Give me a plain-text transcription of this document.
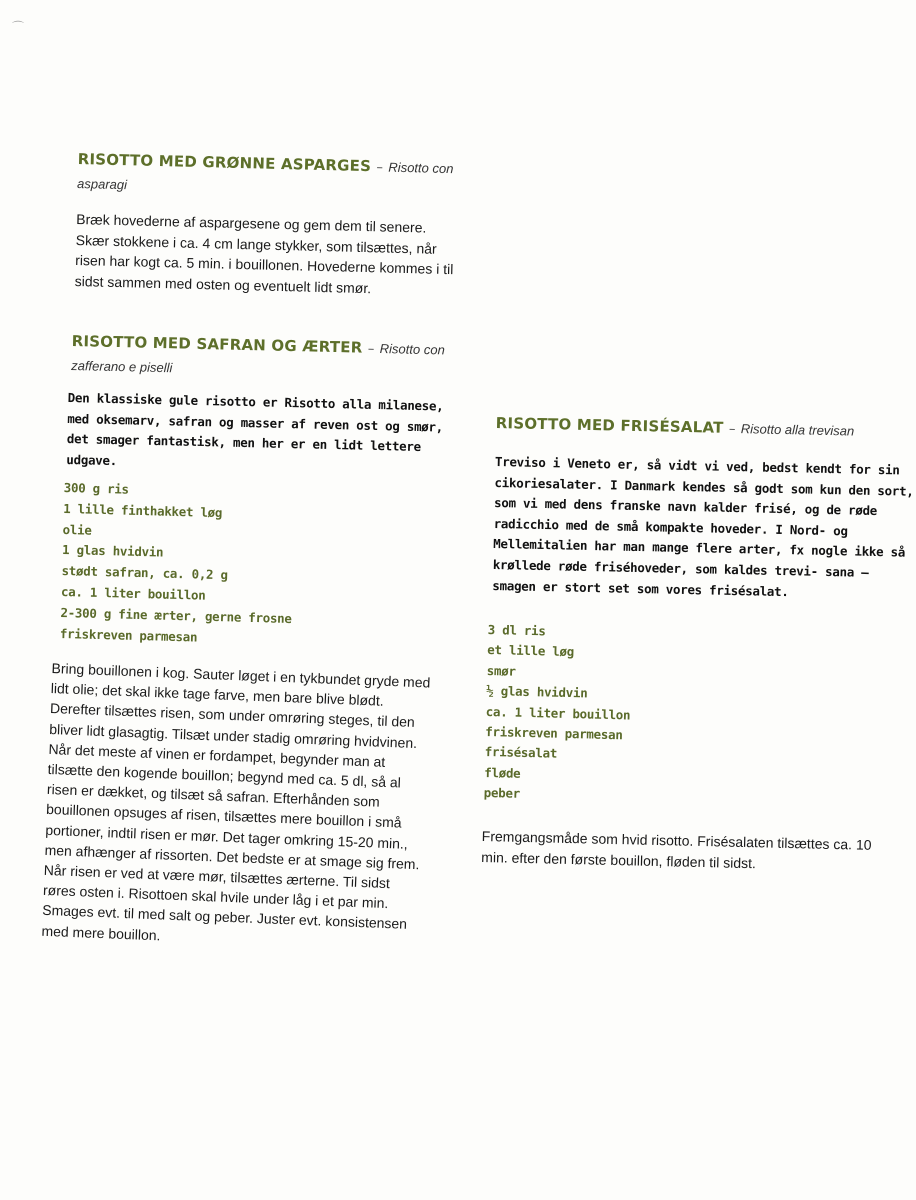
⌒
RISOTTO MED GRØNNE ASPARGES – Risotto con
asparagi

Bræk hovederne af aspargesene og gem dem til senere. Skær stokkene i ca. 4 cm lange stykker, som tilsættes, når risen har kogt ca. 5 min. i bouillonen. Hovederne kommes i til sidst sammen med osten og eventuelt lidt smør.

RISOTTO MED SAFRAN OG ÆRTER – Risotto con
zafferano e piselli

Den klassiske gule risotto er Risotto alla milanese, med oksemarv, safran og masser af reven ost og smør, det smager fantastisk, men her er en lidt lettere udgave.

300 g ris
1 lille finthakket løg
olie
1 glas hvidvin
stødt safran, ca. 0,2 g
ca. 1 liter bouillon
2-300 g fine ærter, gerne frosne
friskreven parmesan

Bring bouillonen i kog. Sauter løget i en tykbundet gryde med lidt olie; det skal ikke tage farve, men bare blive blødt. Derefter tilsættes risen, som under omrøring steges, til den bliver lidt glasagtig. Tilsæt under stadig omrøring hvidvinen. Når det meste af vinen er fordampet, begynder man at tilsætte den kogende bouillon; begynd med ca. 5 dl, så al risen er dækket, og tilsæt så safran. Efterhånden som bouillonen opsuges af risen, tilsættes mere bouillon i små portioner, indtil risen er mør. Det tager omkring 15-20 min., men afhænger af rissorten. Det bedste er at smage sig frem. Når risen er ved at være mør, tilsættes ærterne. Til sidst røres osten i. Risottoen skal hvile under låg i et par min. Smages evt. til med salt og peber. Juster evt. konsistensen med mere bouillon.

RISOTTO MED FRISÉSALAT – Risotto alla trevisan

Treviso i Veneto er, så vidt vi ved, bedst kendt for sin cikoriesalater. I Danmark kendes så godt som kun den sort, som vi med dens franske navn kalder frisé, og de røde radicchio med de små kompakte hoveder. I Nord- og Mellemitalien har man mange flere arter, fx nogle ikke så krøllede røde friséhoveder, som kaldes trevi- sana – smagen er stort set som vores frisésalat.

3 dl ris
et lille løg
smør
½ glas hvidvin
ca. 1 liter bouillon
friskreven parmesan
frisésalat
fløde
peber

Fremgangsmåde som hvid risotto. Frisésalaten tilsættes ca. 10 min. efter den første bouillon, fløden til sidst.
